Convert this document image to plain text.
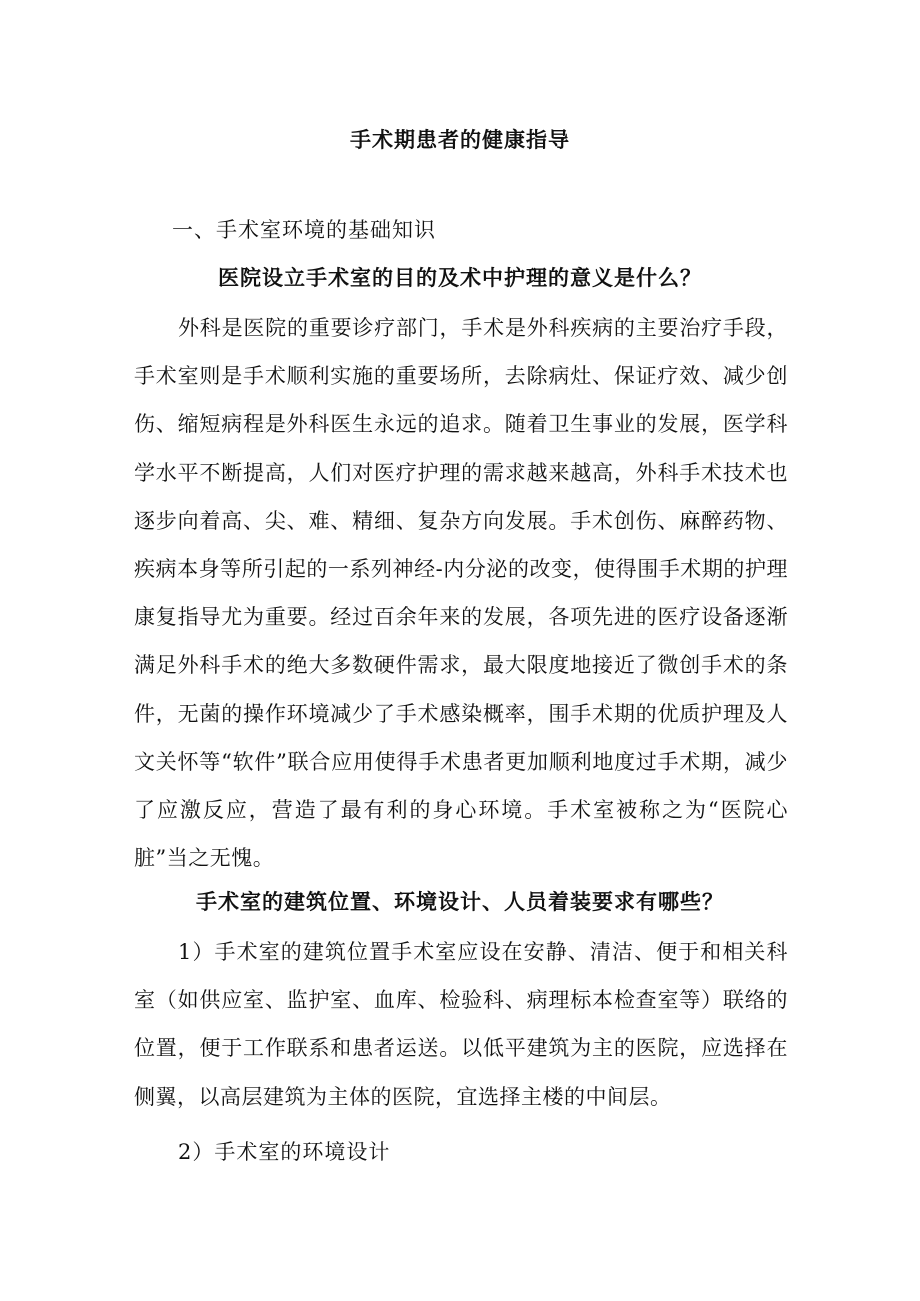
手术期患者的健康指导
一、手术室环境的基础知识
医院设立手术室的目的及术中护理的意义是什么？

外科是医院的重要诊疗部门，手术是外科疾病的主要治疗手段，手术室则是手术顺利实施的重要场所，去除病灶、保证疗效、减少创伤、缩短病程是外科医生永远的追求。随着卫生事业的发展，医学科学水平不断提高，人们对医疗护理的需求越来越高，外科手术技术也逐步向着高、尖、难、精细、复杂方向发展。手术创伤、麻醉药物、疾病本身等所引起的一系列神经-内分泌的改变，使得围手术期的护理康复指导尤为重要。经过百余年来的发展，各项先进的医疗设备逐渐满足外科手术的绝大多数硬件需求，最大限度地接近了微创手术的条件，无菌的操作环境减少了手术感染概率，围手术期的优质护理及人文关怀等“软件”联合应用使得手术患者更加顺利地度过手术期，减少了应激反应，营造了最有利的身心环境。手术室被称之为“医院心脏”当之无愧。

手术室的建筑位置、环境设计、人员着装要求有哪些？

1）手术室的建筑位置手术室应设在安静、清洁、便于和相关科室（如供应室、监护室、血库、检验科、病理标本检查室等）联络的位置，便于工作联系和患者运送。以低平建筑为主的医院，应选择在侧翼，以高层建筑为主体的医院，宜选择主楼的中间层。

2）手术室的环境设计
